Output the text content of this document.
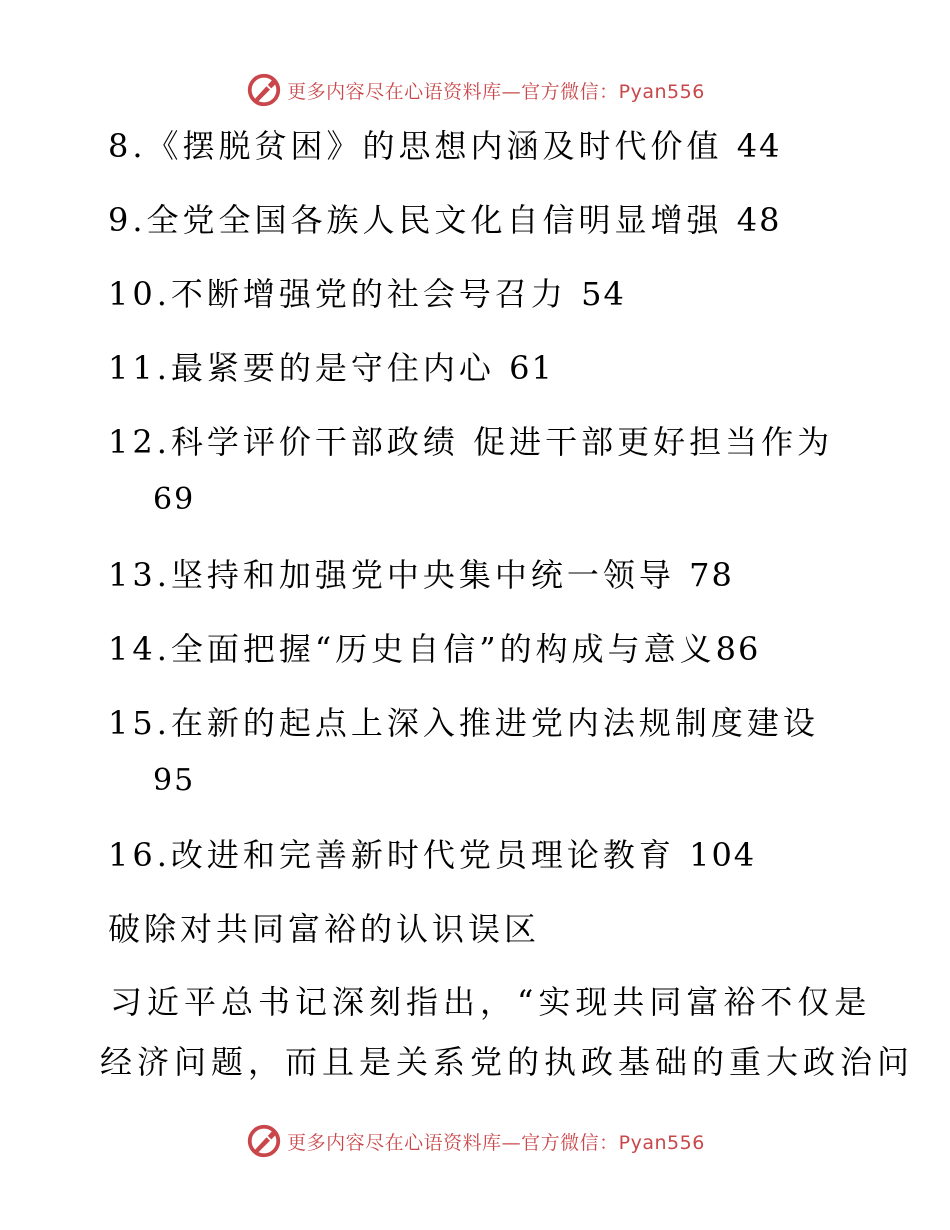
更多内容尽在心语资料库—官方微信：Pyan556
8.《摆脱贫困》的思想内涵及时代价值 44
9.全党全国各族人民文化自信明显增强 48
10.不断增强党的社会号召力 54
11.最紧要的是守住内心 61
12.科学评价干部政绩 促进干部更好担当作为
69
13.坚持和加强党中央集中统一领导 78
14.全面把握“历史自信”的构成与意义86
15.在新的起点上深入推进党内法规制度建设
95
16.改进和完善新时代党员理论教育 104
破除对共同富裕的认识误区
习近平总书记深刻指出，“实现共同富裕不仅是
经济问题，而且是关系党的执政基础的重大政治问
更多内容尽在心语资料库—官方微信：Pyan556
